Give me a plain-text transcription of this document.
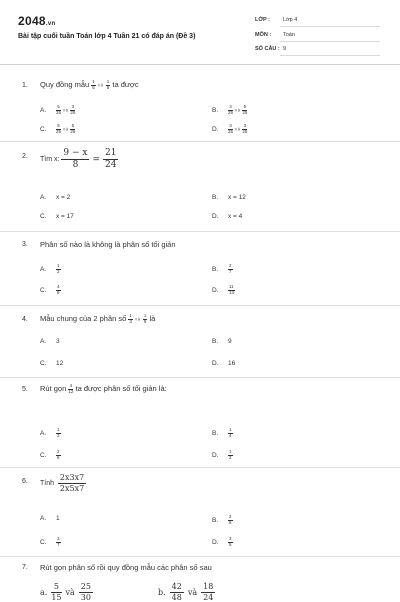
2048.vn
Bài tập cuối tuần Toán lớp 4 Tuần 21 có đáp án (Đề 3)
LỚP : Lớp 4
MÔN : Toán
SỐ CÂU : 9
1. Quy đồng mẫu $\frac{1}{5}$ và $\frac{1}{5}$ ta được
A. $\frac{5}{25}$ và $\frac{3}{25}$	B. $\frac{3}{25}$ và $\frac{5}{25}$
C. $\frac{5}{25}$ và $\frac{5}{25}$	D. $\frac{3}{25}$ và $\frac{3}{25}$
2. Tìm x:
$\frac{9 - x}{8} = \frac{21}{24}$
A. x = 2	B. x = 12
C. x = 17	D. x = 4
3. Phân số nào là không là phân số tối giản
A. $\frac{1}{2}$	B. $\frac{2}{7}$
C. $\frac{4}{8}$	D. $\frac{11}{13}$
4. Mẫu chung của 2 phân số $\frac{1}{3}$ và $\frac{1}{9}$ là
A. 3	B. 9
C. 12	D. 16
5. Rút gọn $\frac{4}{12}$ ta được phân số tối giản là:
A. $\frac{1}{3}$	B. $\frac{1}{4}$
C. $\frac{2}{6}$	D. $\frac{1}{2}$
6. Tính
$\frac{2x3x7}{2x5x7}$
A. 1	B. $\frac{2}{5}$
C. $\frac{3}{7}$	D. $\frac{3}{5}$
7. Rút gọn phân số rồi quy đồng mẫu các phân số sau
a. $\frac{5}{15}$ và $\frac{25}{30}$	b. $\frac{42}{48}$ và $\frac{18}{24}$
